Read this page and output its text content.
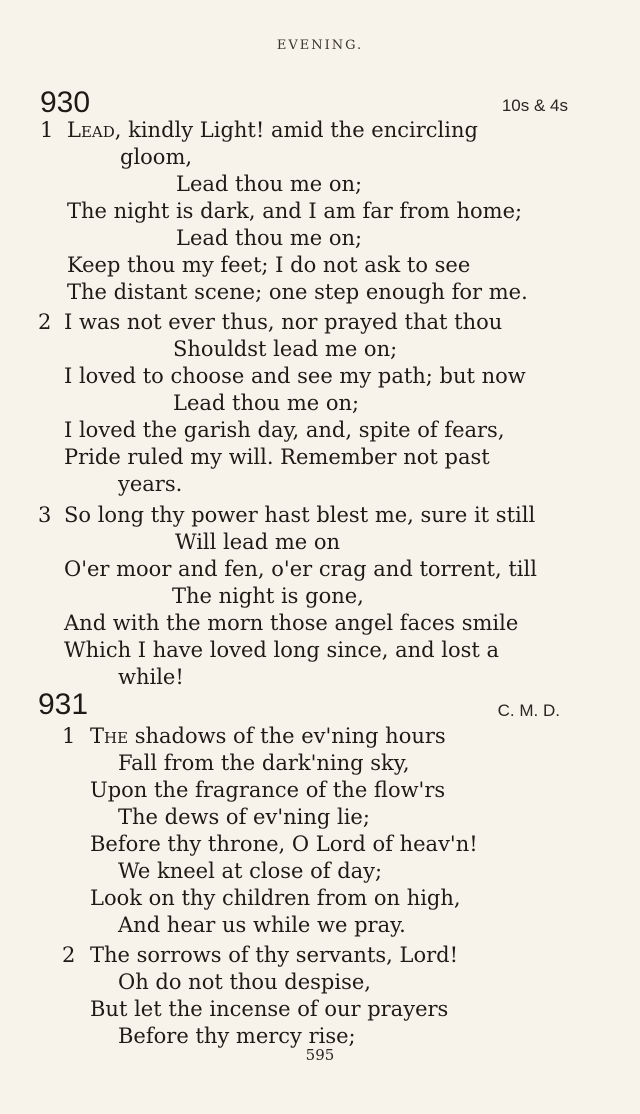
EVENING.
930	10s & 4s
1 Lead, kindly Light! amid the encircling
gloom,
Lead thou me on;
The night is dark, and I am far from home;
Lead thou me on;
Keep thou my feet; I do not ask to see
The distant scene; one step enough for me.
2 I was not ever thus, nor prayed that thou
Shouldst lead me on;
I loved to choose and see my path; but now
Lead thou me on;
I loved the garish day, and, spite of fears,
Pride ruled my will. Remember not past
years.
3 So long thy power hast blest me, sure it still
Will lead me on
O'er moor and fen, o'er crag and torrent, till
The night is gone,
And with the morn those angel faces smile
Which I have loved long since, and lost a
while!
931	C. M. D.
1 The shadows of the ev'ning hours
Fall from the dark'ning sky,
Upon the fragrance of the flow'rs
The dews of ev'ning lie;
Before thy throne, O Lord of heav'n!
We kneel at close of day;
Look on thy children from on high,
And hear us while we pray.
2 The sorrows of thy servants, Lord!
Oh do not thou despise,
But let the incense of our prayers
Before thy mercy rise;
595
